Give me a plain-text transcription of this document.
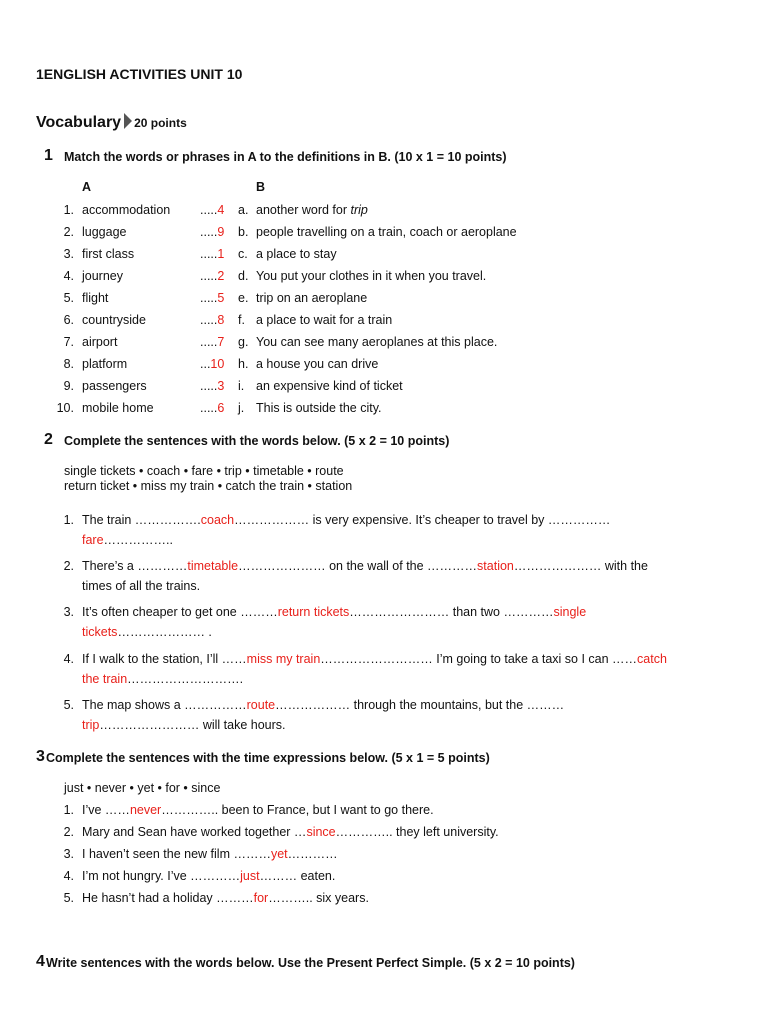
1ENGLISH ACTIVITIES UNIT 10
Vocabulary 20 points
1 Match the words or phrases in A to the definitions in B. (10 x 1 = 10 points)
A	B
1. accommodation .....4 a. another word for trip
2. luggage	.....9 b. people travelling on a train, coach or aeroplane
3. first class	.....1 c. a place to stay
4. journey	.....2 d. You put your clothes in it when you travel.
5. flight	.....5 e. trip on an aeroplane
6. countryside	.....8 f. a place to wait for a train
7. airport	.....7 g. You can see many aeroplanes at this place.
8. platform	...10 h. a house you can drive
9. passengers	.....3 i. an expensive kind of ticket
10. mobile home	.....6 j. This is outside the city.
2 Complete the sentences with the words below. (5 x 2 = 10 points)
single tickets • coach • fare • trip • timetable • route
return ticket • miss my train • catch the train • station
1. The train …………….coach……………… is very expensive. It’s cheaper to travel by ……………
fare……………..
2. There’s a …………timetable………………… on the wall of the …………station………………… with the
times of all the trains.
3. It’s often cheaper to get one ………return tickets…………………… than two …………single
tickets………………… .
4. If I walk to the station, I’ll ……miss my train……………………… I’m going to take a taxi so I can ……catch
the train……………………….
5. The map shows a ……………route……………… through the mountains, but the ………
trip…………………… will take hours.
3 Complete the sentences with the time expressions below. (5 x 1 = 5 points)
just • never • yet • for • since
1. I’ve ……never………….. been to France, but I want to go there.
2. Mary and Sean have worked together …since………….. they left university.
3. I haven’t seen the new film ………yet…………
4. I’m not hungry. I’ve …………just……… eaten.
5. He hasn’t had a holiday ………for……….. six years.
4 Write sentences with the words below. Use the Present Perfect Simple. (5 x 2 = 10 points)
